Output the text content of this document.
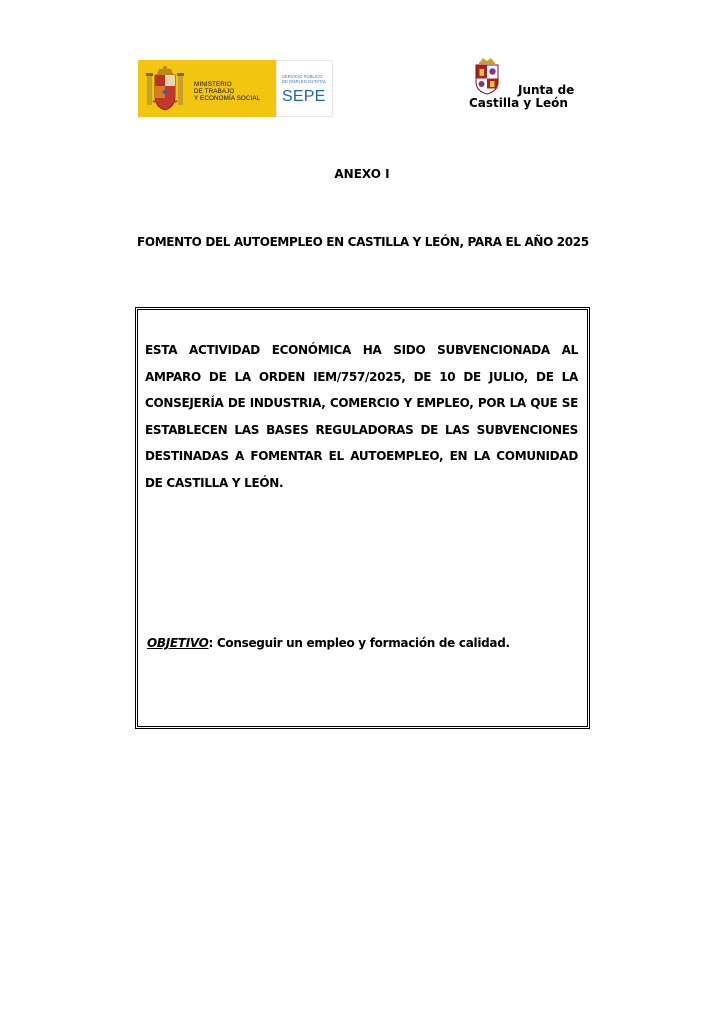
MINISTERIO
DE TRABAJO
Y ECONOMÍA SOCIAL
SERVICIO PÚBLICO
DE EMPLEO ESTATAL
SEPE	Junta de
Castilla y León
ANEXO I
FOMENTO DEL AUTOEMPLEO EN CASTILLA Y LEÓN, PARA EL AÑO 2025
ESTA ACTIVIDAD ECONÓMICA HA SIDO SUBVENCIONADA AL AMPARO DE LA ORDEN IEM/757/2025, DE 10 DE JULIO, DE LA CONSEJERÍA DE INDUSTRIA, COMERCIO Y EMPLEO, POR LA QUE SE ESTABLECEN LAS BASES REGULADORAS DE LAS SUBVENCIONES DESTINADAS A FOMENTAR EL AUTOEMPLEO, EN LA COMUNIDAD DE CASTILLA Y LEÓN.
OBJETIVO: Conseguir un empleo y formación de calidad.
